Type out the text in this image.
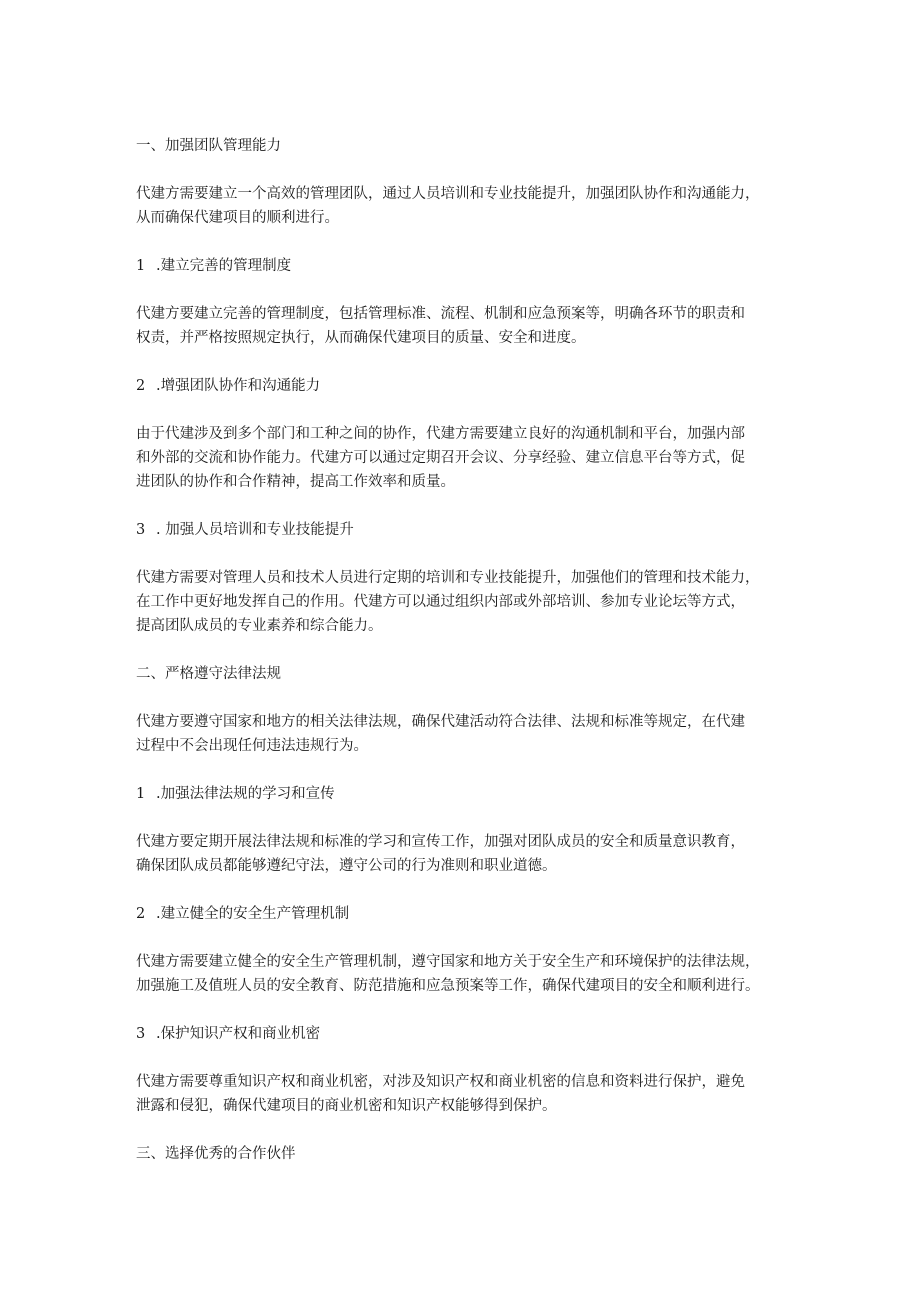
一、加强团队管理能力
代建方需要建立一个高效的管理团队，通过人员培训和专业技能提升，加强团队协作和沟通能力，
从而确保代建项目的顺利进行。
1 .建立完善的管理制度
代建方要建立完善的管理制度，包括管理标准、流程、机制和应急预案等，明确各环节的职责和
权责，并严格按照规定执行，从而确保代建项目的质量、安全和进度。
2 .增强团队协作和沟通能力
由于代建涉及到多个部门和工种之间的协作，代建方需要建立良好的沟通机制和平台，加强内部
和外部的交流和协作能力。代建方可以通过定期召开会议、分享经验、建立信息平台等方式，促
进团队的协作和合作精神，提高工作效率和质量。
3 . 加强人员培训和专业技能提升
代建方需要对管理人员和技术人员进行定期的培训和专业技能提升，加强他们的管理和技术能力，
在工作中更好地发挥自己的作用。代建方可以通过组织内部或外部培训、参加专业论坛等方式，
提高团队成员的专业素养和综合能力。
二、严格遵守法律法规
代建方要遵守国家和地方的相关法律法规，确保代建活动符合法律、法规和标准等规定，在代建
过程中不会出现任何违法违规行为。
1 .加强法律法规的学习和宣传
代建方要定期开展法律法规和标准的学习和宣传工作，加强对团队成员的安全和质量意识教育，
确保团队成员都能够遵纪守法，遵守公司的行为准则和职业道德。
2 .建立健全的安全生产管理机制
代建方需要建立健全的安全生产管理机制，遵守国家和地方关于安全生产和环境保护的法律法规，
加强施工及值班人员的安全教育、防范措施和应急预案等工作，确保代建项目的安全和顺利进行。
3 .保护知识产权和商业机密
代建方需要尊重知识产权和商业机密，对涉及知识产权和商业机密的信息和资料进行保护，避免
泄露和侵犯，确保代建项目的商业机密和知识产权能够得到保护。
三、选择优秀的合作伙伴
